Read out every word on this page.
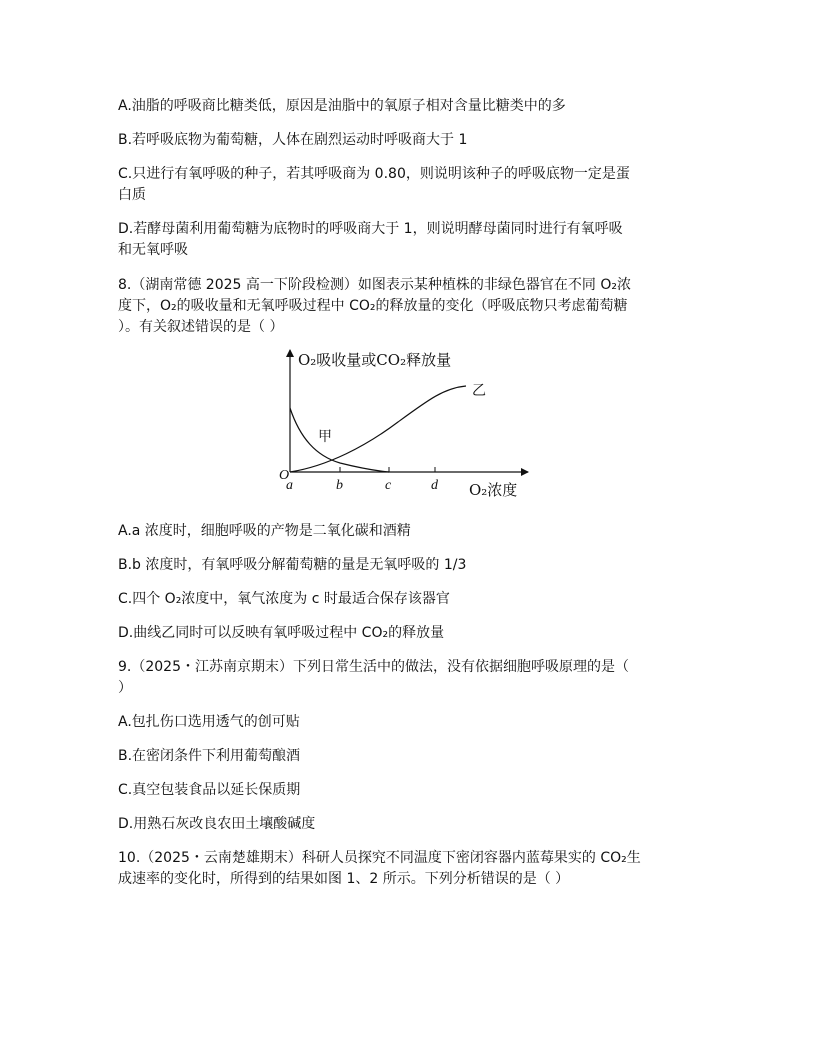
A.油脂的呼吸商比糖类低，原因是油脂中的氧原子相对含量比糖类中的多
B.若呼吸底物为葡萄糖，人体在剧烈运动时呼吸商大于 1
C.只进行有氧呼吸的种子，若其呼吸商为 0.80，则说明该种子的呼吸底物一定是蛋
白质
D.若酵母菌利用葡萄糖为底物时的呼吸商大于 1，则说明酵母菌同时进行有氧呼吸
和无氧呼吸
8.（湖南常德 2025 高一下阶段检测）如图表示某种植株的非绿色器官在不同 O₂浓
度下，O₂的吸收量和无氧呼吸过程中 CO₂的释放量的变化（呼吸底物只考虑葡萄糖
）。有关叙述错误的是（ ）
O₂吸收量或CO₂释放量
O₂浓度
O
a	b	c	d
甲
乙
A.a 浓度时，细胞呼吸的产物是二氧化碳和酒精
B.b 浓度时，有氧呼吸分解葡萄糖的量是无氧呼吸的 1/3
C.四个 O₂浓度中，氧气浓度为 c 时最适合保存该器官
D.曲线乙同时可以反映有氧呼吸过程中 CO₂的释放量
9.（2025・江苏南京期末）下列日常生活中的做法，没有依据细胞呼吸原理的是（
）
A.包扎伤口选用透气的创可贴
B.在密闭条件下利用葡萄酿酒
C.真空包装食品以延长保质期
D.用熟石灰改良农田土壤酸碱度
10.（2025・云南楚雄期末）科研人员探究不同温度下密闭容器内蓝莓果实的 CO₂生
成速率的变化时，所得到的结果如图 1、2 所示。下列分析错误的是（ ）
